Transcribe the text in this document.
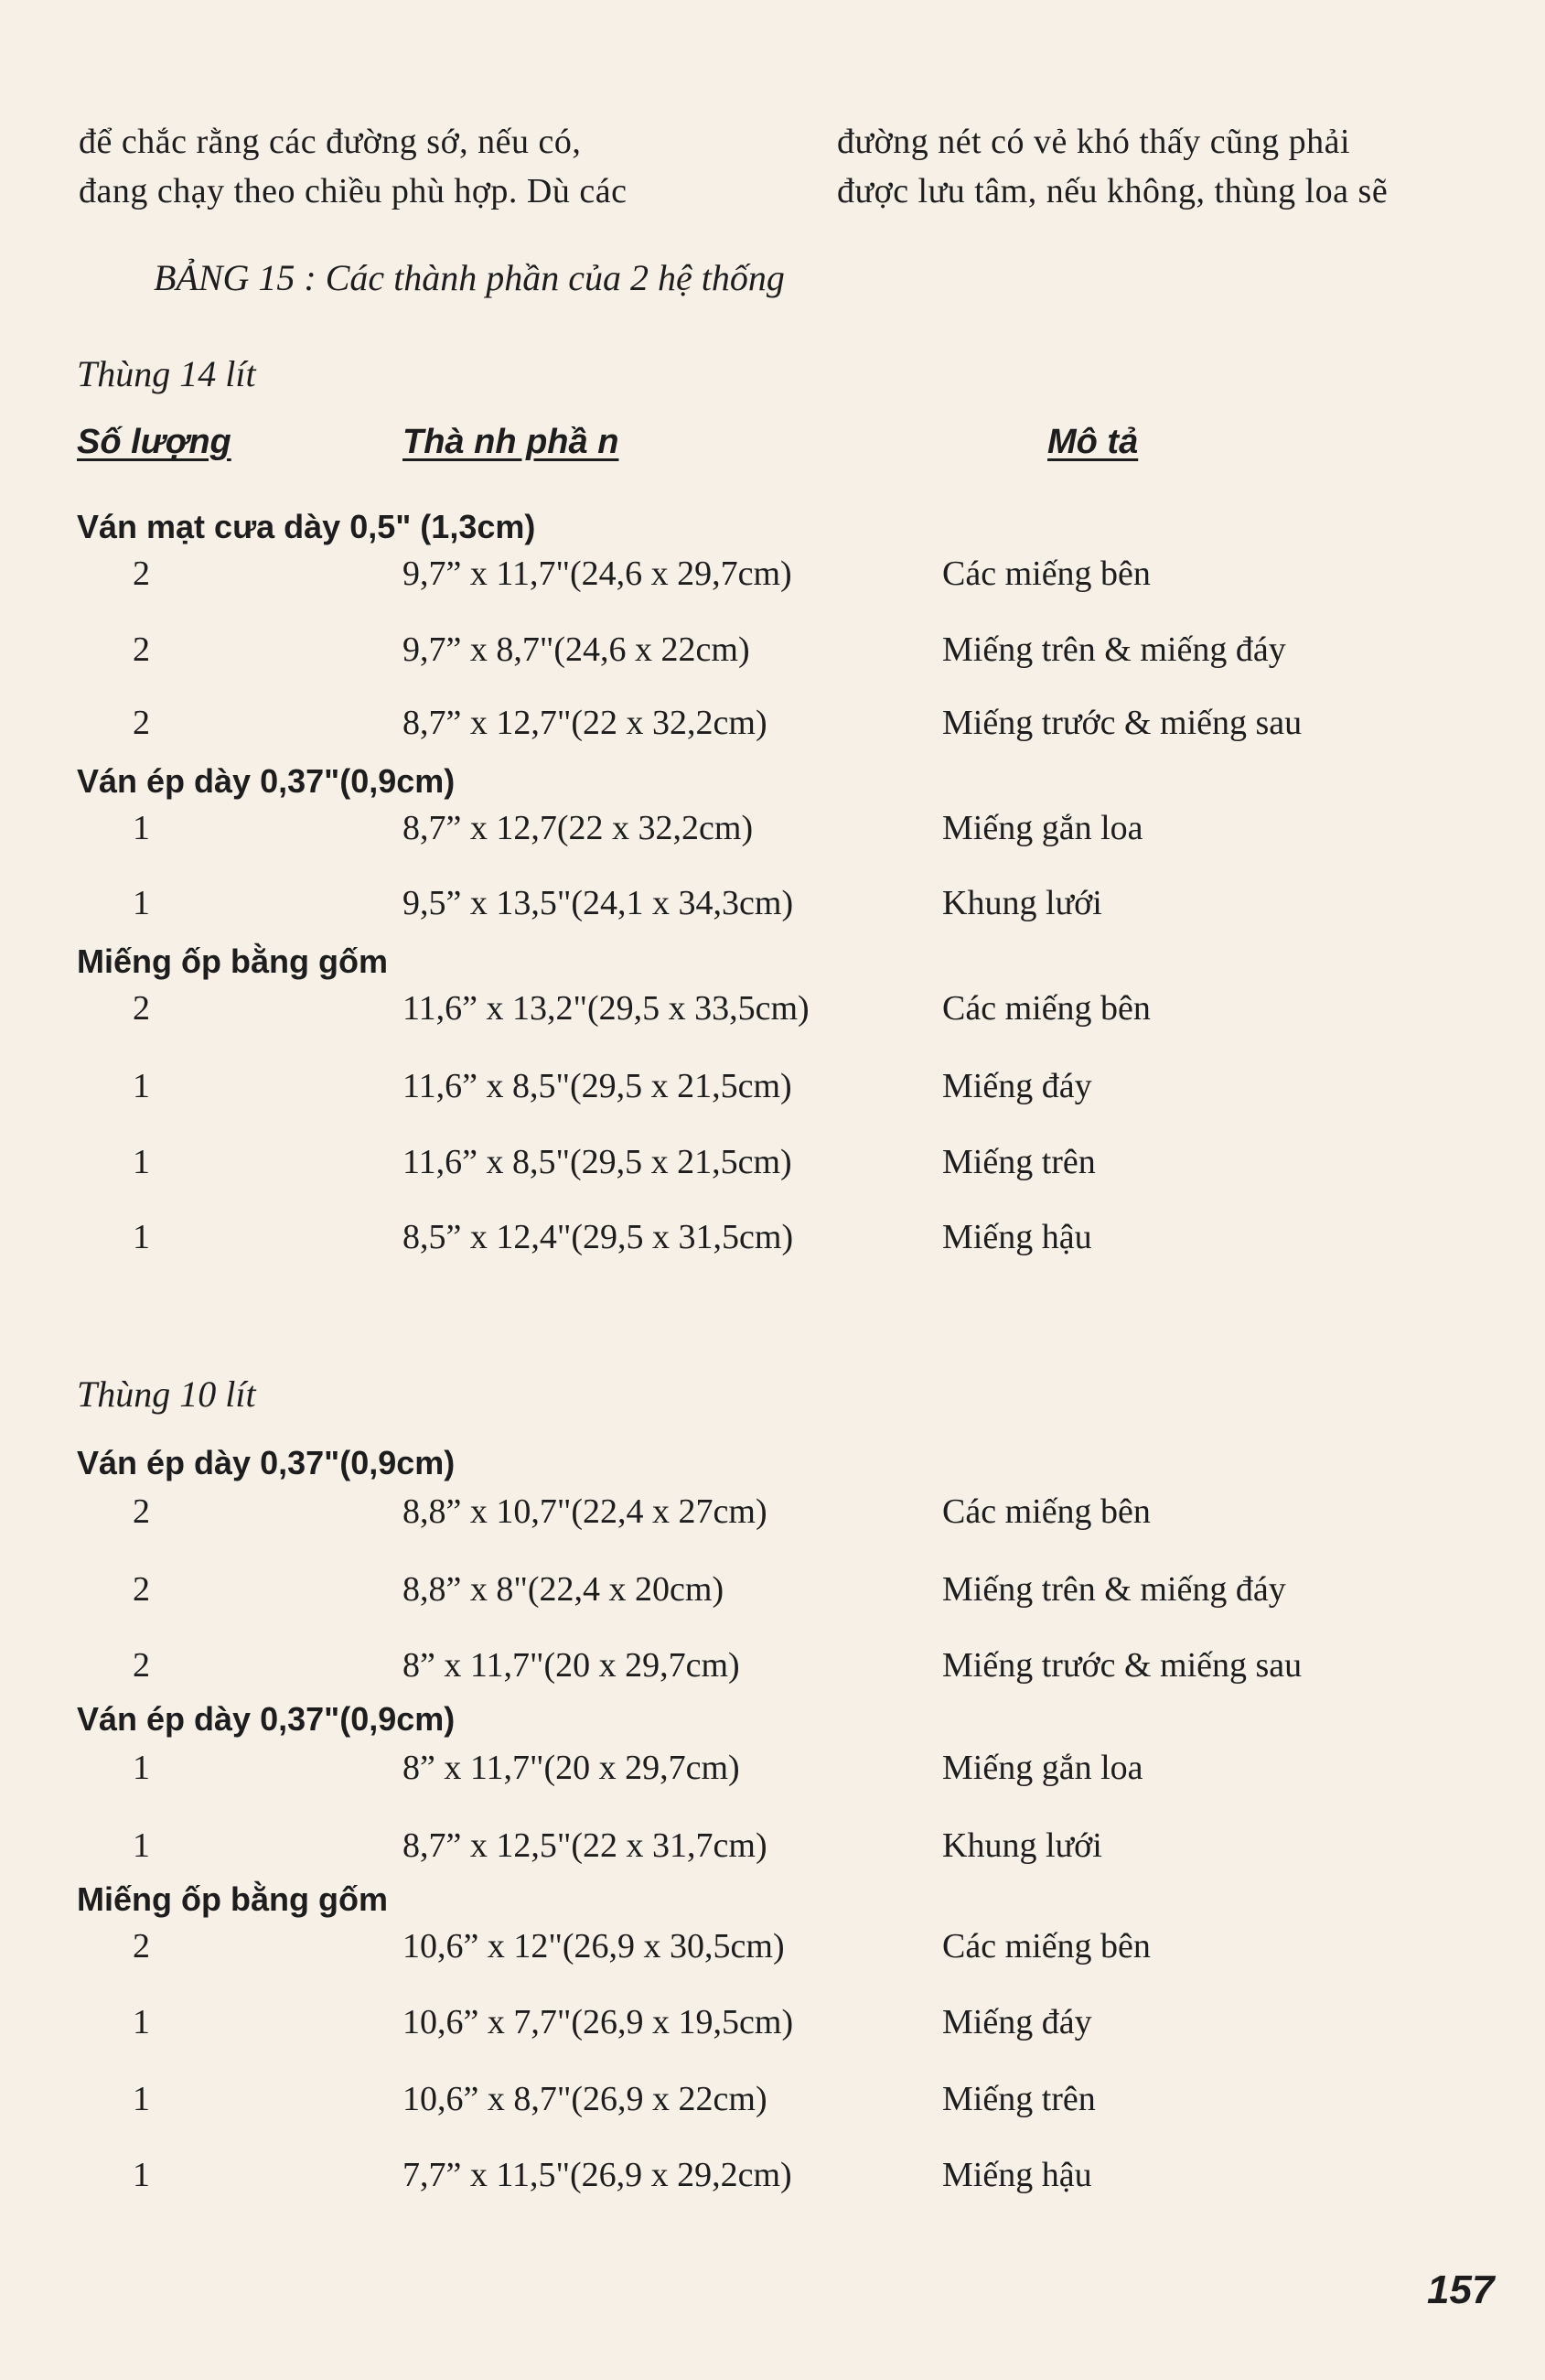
để chắc rằng các đường sớ, nếu có,

đang chạy theo chiều phù hợp. Dù các

đường nét có vẻ khó thấy cũng phải

được lưu tâm, nếu không, thùng loa sẽ

BẢNG 15 : Các thành phần của 2 hệ thống
Thùng 14 lít
Số lượng	Thà nh phầ n	Mô tả
Ván mạt cưa dày 0,5" (1,3cm)
2	9,7” x 11,7"(24,6 x 29,7cm)	Các miếng bên
2	9,7” x 8,7"(24,6 x 22cm)	Miếng trên & miếng đáy
2	8,7” x 12,7"(22 x 32,2cm)	Miếng trước & miếng sau
Ván ép dày 0,37"(0,9cm)
1	8,7” x 12,7(22 x 32,2cm)	Miếng gắn loa
1	9,5” x 13,5"(24,1 x 34,3cm)	Khung lưới
Miếng ốp bằng gốm
2	11,6” x 13,2"(29,5 x 33,5cm)	Các miếng bên
1	11,6” x 8,5"(29,5 x 21,5cm)	Miếng đáy
1	11,6” x 8,5"(29,5 x 21,5cm)	Miếng trên
1	8,5” x 12,4"(29,5 x 31,5cm)	Miếng hậu
Thùng 10 lít
Ván ép dày 0,37"(0,9cm)
2	8,8” x 10,7"(22,4 x 27cm)	Các miếng bên
2	8,8” x 8"(22,4 x 20cm)	Miếng trên & miếng đáy
2	8” x 11,7"(20 x 29,7cm)	Miếng trước & miếng sau
Ván ép dày 0,37"(0,9cm)
1	8” x 11,7"(20 x 29,7cm)	Miếng gắn loa
1	8,7” x 12,5"(22 x 31,7cm)	Khung lưới
Miếng ốp bằng gốm
2	10,6” x 12"(26,9 x 30,5cm)	Các miếng bên
1	10,6” x 7,7"(26,9 x 19,5cm)	Miếng đáy
1	10,6” x 8,7"(26,9 x 22cm)	Miếng trên
1	7,7” x 11,5"(26,9 x 29,2cm)	Miếng hậu
157
